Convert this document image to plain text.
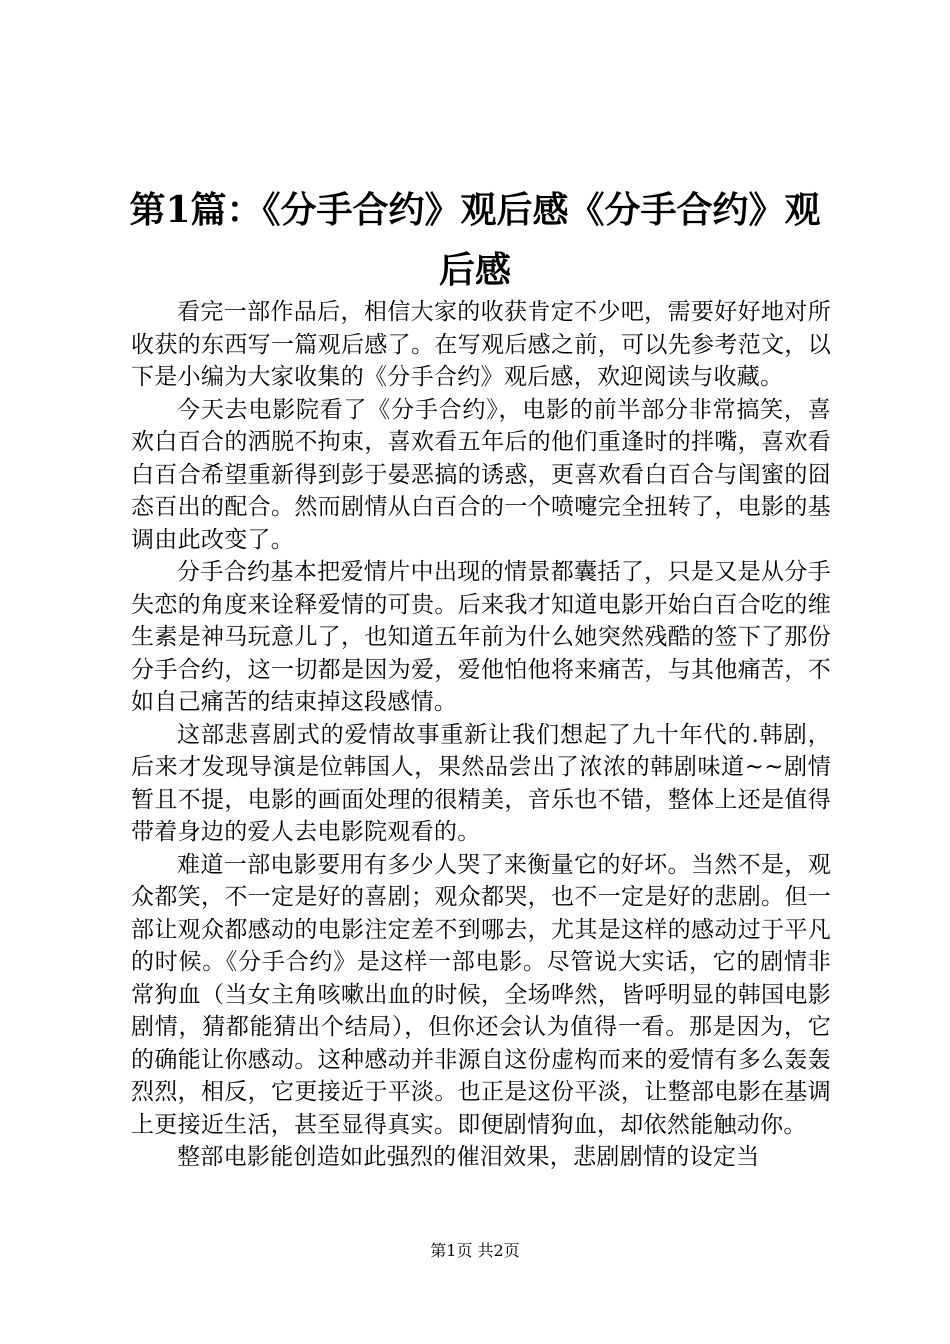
第1篇：《分手合约》观后感《分手合约》观后感

看完一部作品后，相信大家的收获肯定不少吧，需要好好地对所收获的东西写一篇观后感了。在写观后感之前，可以先参考范文，以下是小编为大家收集的《分手合约》观后感，欢迎阅读与收藏。

今天去电影院看了《分手合约》，电影的前半部分非常搞笑，喜欢白百合的洒脱不拘束，喜欢看五年后的他们重逢时的拌嘴，喜欢看白百合希望重新得到彭于晏恶搞的诱惑，更喜欢看白百合与闺蜜的囧态百出的配合。然而剧情从白百合的一个喷嚏完全扭转了，电影的基调由此改变了。

分手合约基本把爱情片中出现的情景都囊括了，只是又是从分手失恋的角度来诠释爱情的可贵。后来我才知道电影开始白百合吃的维生素是神马玩意儿了，也知道五年前为什么她突然残酷的签下了那份分手合约，这一切都是因为爱，爱他怕他将来痛苦，与其他痛苦，不如自己痛苦的结束掉这段感情。

这部悲喜剧式的爱情故事重新让我们想起了九十年代的.韩剧，后来才发现导演是位韩国人，果然品尝出了浓浓的韩剧味道~~剧情暂且不提，电影的画面处理的很精美，音乐也不错，整体上还是值得带着身边的爱人去电影院观看的。

难道一部电影要用有多少人哭了来衡量它的好坏。当然不是，观众都笑，不一定是好的喜剧；观众都哭，也不一定是好的悲剧。但一部让观众都感动的电影注定差不到哪去，尤其是这样的感动过于平凡的时候。《分手合约》是这样一部电影。尽管说大实话，它的剧情非常狗血（当女主角咳嗽出血的时候，全场哗然，皆呼明显的韩国电影剧情，猜都能猜出个结局），但你还会认为值得一看。那是因为，它的确能让你感动。这种感动并非源自这份虚构而来的爱情有多么轰轰烈烈，相反，它更接近于平淡。也正是这份平淡，让整部电影在基调上更接近生活，甚至显得真实。即便剧情狗血，却依然能触动你。

整部电影能创造如此强烈的催泪效果，悲剧剧情的设定当

第1页 共2页
